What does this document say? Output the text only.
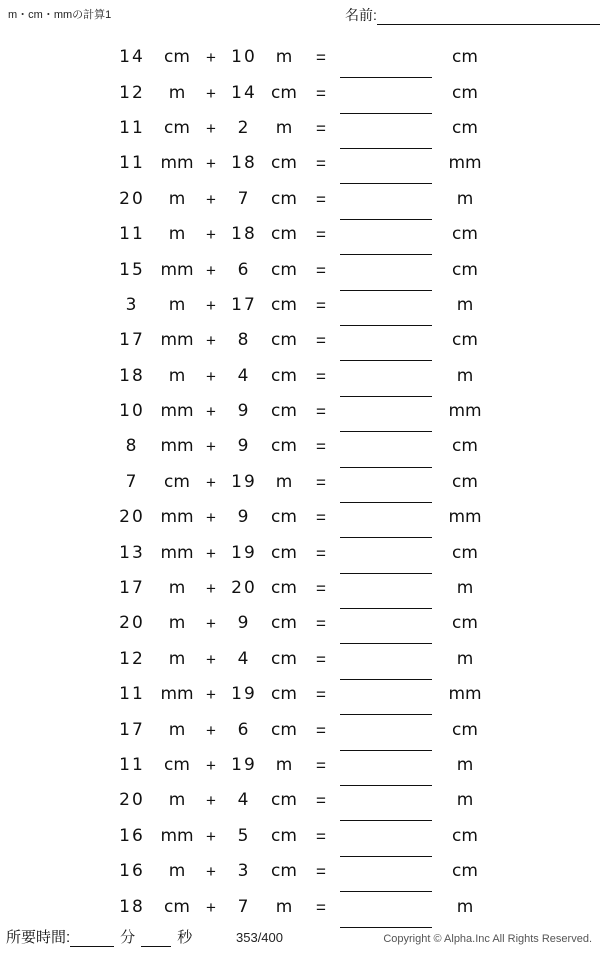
m・cm・mmの計算1	名前:
14	cm + 10	m	=	cm
12	m	+ 14 cm	=	cm
11	cm +	2	m	=	cm
11 mm + 18 cm	=	mm
20	m	+	7	cm	=	m
11	m	+ 18 cm	=	cm
15 mm +	6	cm	=	cm
3	m	+ 17 cm	=	m
17 mm +	8	cm	=	cm
18	m	+	4	cm	=	m
10 mm +	9	cm	=	mm
8	mm +	9	cm	=	cm
7	cm + 19	m	=	cm
20 mm +	9	cm	=	mm
13 mm + 19 cm	=	cm
17	m	+ 20 cm	=	m
20	m	+	9	cm	=	cm
12	m	+	4	cm	=	m
11 mm + 19 cm	=	mm
17	m	+	6	cm	=	cm
11	cm + 19	m	=	m
20	m	+	4	cm	=	m
16 mm +	5	cm	=	cm
16	m	+	3	cm	=	cm
18	cm +	7	m	=	m
所要時間:	分	秒	353/400	Copyright © Alpha.Inc All Rights Reserved.
